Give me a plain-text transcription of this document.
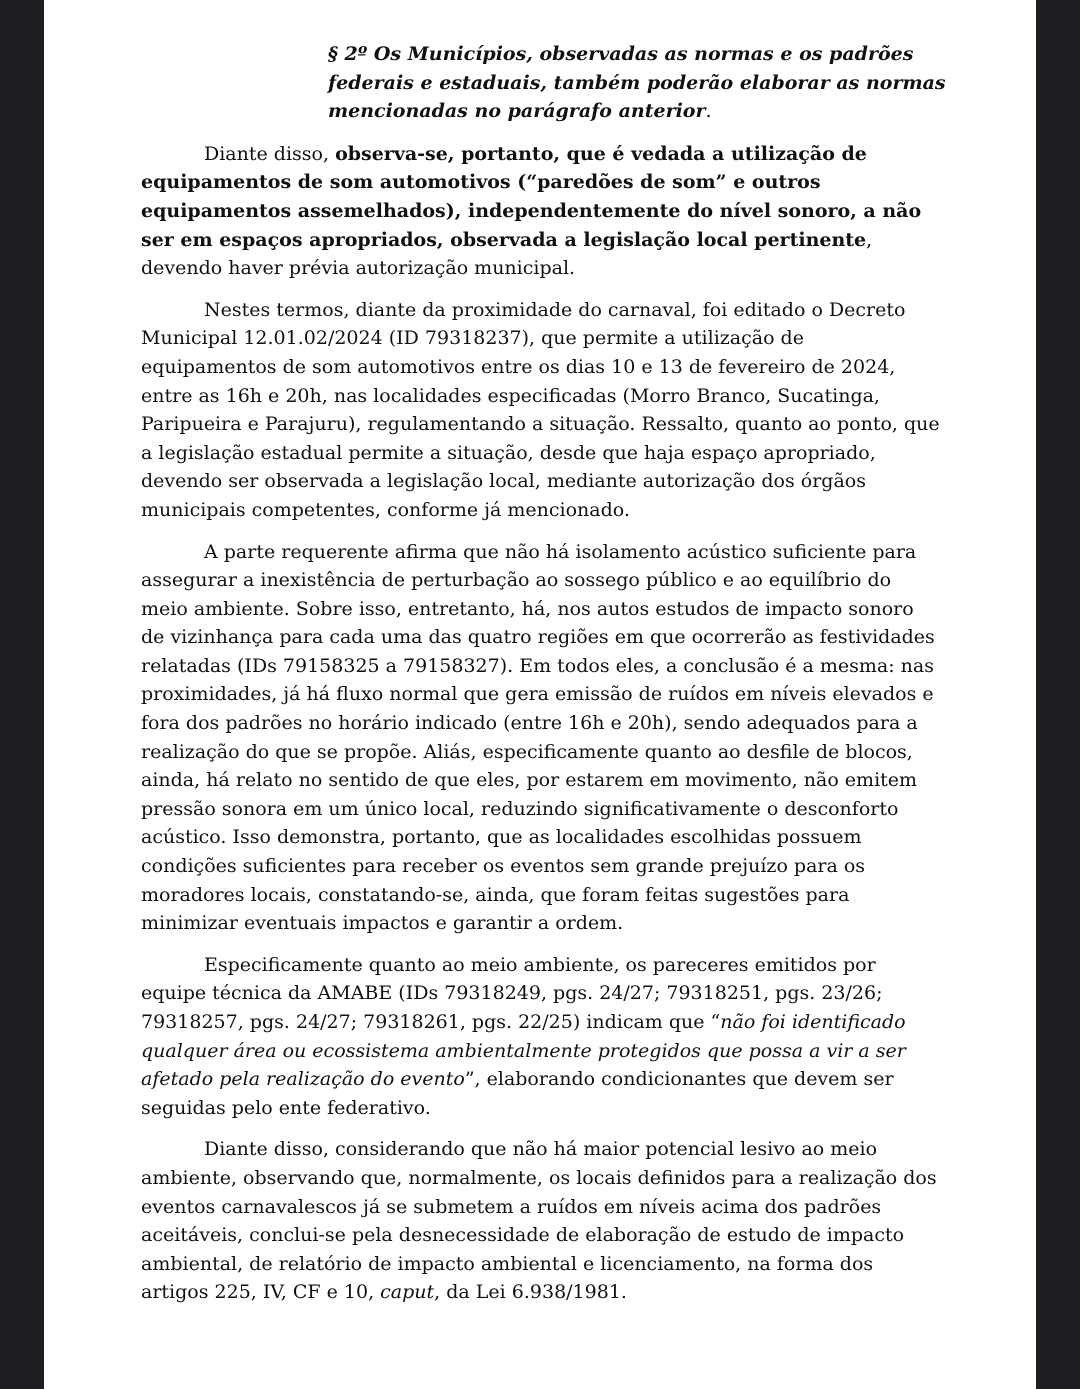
§ 2º Os Municípios, observadas as normas e os padrões federais e estaduais, também poderão elaborar as normas mencionadas no parágrafo anterior.

Diante disso, observa-se, portanto, que é vedada a utilização de equipamentos de som automotivos (“paredões de som” e outros equipamentos assemelhados), independentemente do nível sonoro, a não ser em espaços apropriados, observada a legislação local pertinente, devendo haver prévia autorização municipal.

Nestes termos, diante da proximidade do carnaval, foi editado o Decreto Municipal 12.01.02/2024 (ID 79318237), que permite a utilização de equipamentos de som automotivos entre os dias 10 e 13 de fevereiro de 2024, entre as 16h e 20h, nas localidades especificadas (Morro Branco, Sucatinga, Paripueira e Parajuru), regulamentando a situação. Ressalto, quanto ao ponto, que a legislação estadual permite a situação, desde que haja espaço apropriado, devendo ser observada a legislação local, mediante autorização dos órgãos municipais competentes, conforme já mencionado.

A parte requerente afirma que não há isolamento acústico suficiente para assegurar a inexistência de perturbação ao sossego público e ao equilíbrio do meio ambiente. Sobre isso, entretanto, há, nos autos estudos de impacto sonoro de vizinhança para cada uma das quatro regiões em que ocorrerão as festividades relatadas (IDs 79158325 a 79158327). Em todos eles, a conclusão é a mesma: nas proximidades, já há fluxo normal que gera emissão de ruídos em níveis elevados e fora dos padrões no horário indicado (entre 16h e 20h), sendo adequados para a realização do que se propõe. Aliás, especificamente quanto ao desfile de blocos, ainda, há relato no sentido de que eles, por estarem em movimento, não emitem pressão sonora em um único local, reduzindo significativamente o desconforto acústico. Isso demonstra, portanto, que as localidades escolhidas possuem condições suficientes para receber os eventos sem grande prejuízo para os moradores locais, constatando-se, ainda, que foram feitas sugestões para minimizar eventuais impactos e garantir a ordem.

Especificamente quanto ao meio ambiente, os pareceres emitidos por equipe técnica da AMABE (IDs 79318249, pgs. 24/27; 79318251, pgs. 23/26; 79318257, pgs. 24/27; 79318261, pgs. 22/25) indicam que “não foi identificado qualquer área ou ecossistema ambientalmente protegidos que possa a vir a ser afetado pela realização do evento”, elaborando condicionantes que devem ser seguidas pelo ente federativo.

Diante disso, considerando que não há maior potencial lesivo ao meio ambiente, observando que, normalmente, os locais definidos para a realização dos eventos carnavalescos já se submetem a ruídos em níveis acima dos padrões aceitáveis, conclui-se pela desnecessidade de elaboração de estudo de impacto ambiental, de relatório de impacto ambiental e licenciamento, na forma dos artigos 225, IV, CF e 10, caput, da Lei 6.938/1981.
